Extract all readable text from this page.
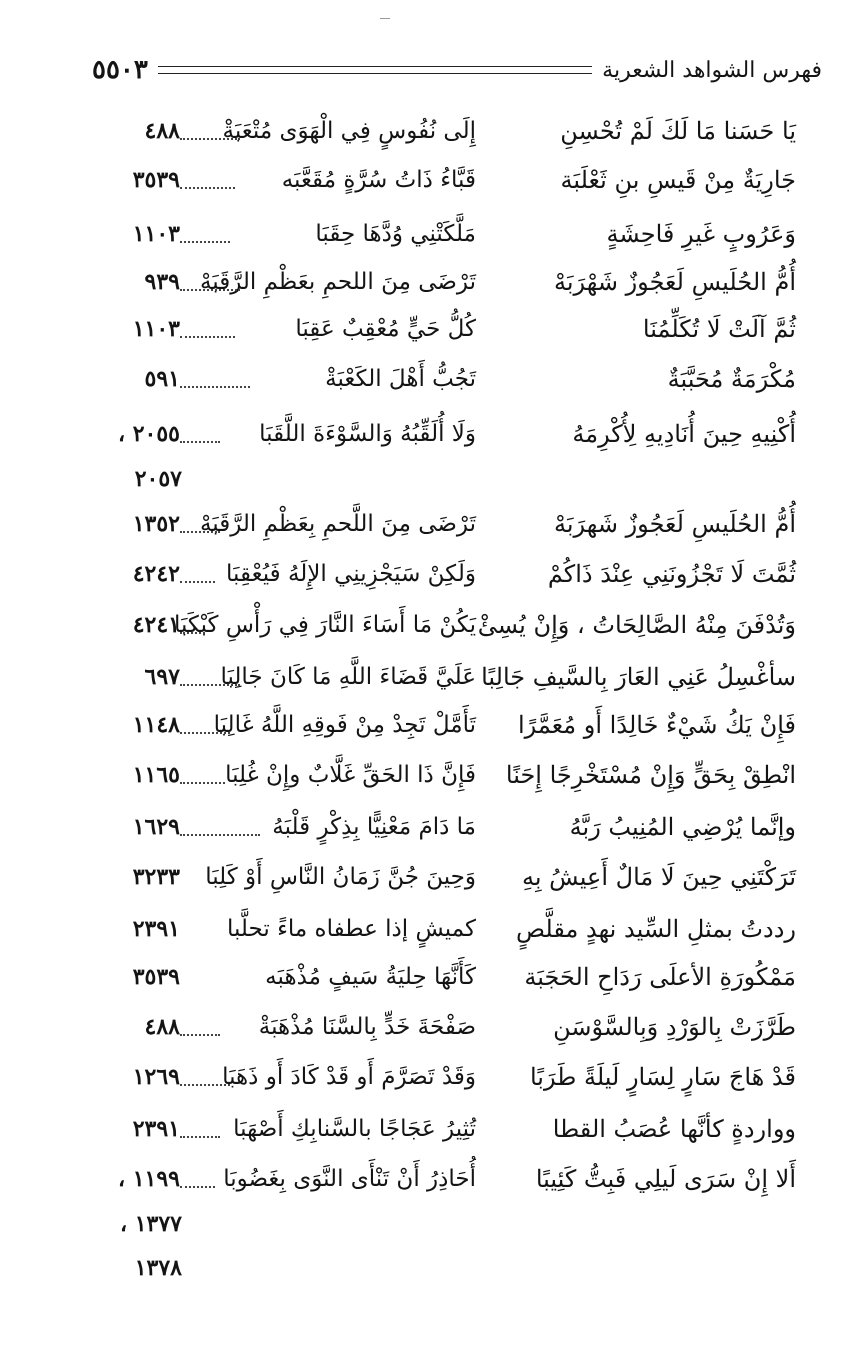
٥٥٠٣	فهرس الشواهد الشعرية
يَا حَسَنا مَا لَكَ لَمْ تُحْسِنِ
إِلَى نُفُوسٍ فِي الْهَوَى مُتْعَبَةْ
٤٨٨
جَارِيَةٌ مِنْ قَيسِ بنِ ثَعْلَبَة
قَبَّاءُ ذَاتُ سُرَّةٍ مُقَعَّبَه
٣٥٣٩
وَعَرُوبٍ غَيرِ فَاحِشَةٍ
مَلَّكَتْنِي وُدَّهَا حِقَبَا
١١٠٣
أُمُّ الحُلَيسِ لَعَجُوزٌ شَهْرَبَهْ
تَرْضَى مِنَ اللحمِ بعَظْمِ الرَّقَبَهْ
٩٣٩
ثُمَّ آلَتْ لَا تُكَلِّمُنَا
كُلُّ حَيٍّ مُعْقِبٌ عَقِبَا
١١٠٣
مُكْرَمَةٌ مُحَبَّبَةٌ
تَجُبُّ أَهْلَ الكَعْبَةْ
٥٩١
أُكْنِيهِ حِينَ أُنَادِيهِ لِأُكْرِمَهُ
وَلَا أُلَقِّبُهُ وَالسَّوْءَةَ اللَّقَبَا
٢٠٥٥ ،
٢٠٥٧
أُمُّ الحُلَيسِ لَعَجُوزٌ شَهرَبَهْ
تَرْضَى مِنَ اللَّحمِ بِعَظْمِ الرَّقَبَهْ
١٣٥٢
ثُمَّتَ لَا تَجْزُونَنِي عِنْدَ ذَاكُمْ
وَلَكِنْ سَيَجْزِينِي الإِلَهُ فَيُعْقِبَا
٤٢٤٢
وَتُدْفَنَ مِنْهُ الصَّالِحَاتُ ، وَإِنْ يُسِئْ
يَكُنْ مَا أَسَاءَ النَّارَ فِي رَأْسِ كَبْكَبَا
٤٢٤١
سأغْسِلُ عَنِي العَارَ بِالسَّيفِ جَالِبًا
عَلَيَّ قَضَاءَ اللَّهِ مَا كَانَ جَالِبَا
٦٩٧
فَإِنْ يَكُ شَيْءٌ خَالِدًا أَو مُعَمَّرًا
تَأَمَّلْ تَجِدْ مِنْ فَوقِهِ اللَّهُ غَالِبَا
١١٤٨
انْطِقْ بِحَقٍّ وَإِنْ مُسْتَخْرِجًا إِحَنًا
فَإِنَّ ذَا الحَقِّ غَلَّابٌ وإِنْ غُلِبَا
١١٦٥
وإنَّما يُرْضِي المُنِيبُ رَبَّهُ
مَا دَامَ مَعْنِيًّا بِذِكْرٍ قَلْبَهُ
١٦٢٩
تَرَكْتَنِي حِينَ لَا مَالٌ أَعِيشُ بِهِ
وَحِينَ جُنَّ زَمَانُ النَّاسِ أَوْ كَلِبَا
٣٢٣٣
رددتُ بمثلِ السِّيد نهدٍ مقلَّصٍ
كميشٍ إذا عطفاه ماءً تحلَّبا
٢٣٩١
مَمْكُورَةِ الأعلَى رَدَاحِ الحَجَبَة
كَأَنَّهَا حِليَةُ سَيفٍ مُذْهَبَه
٣٥٣٩
طَرَّزَتْ بِالوَرْدِ وَبِالسَّوْسَنِ
صَفْحَةَ خَدٍّ بِالسَّنَا مُذْهَبَةْ
٤٨٨
قَدْ هَاجَ سَارٍ لِسَارٍ لَيلَةً طَرَبًا
وَقَدْ تَصَرَّمَ أَو قَدْ كَادَ أَو ذَهَبَا
١٢٦٩
وواردةٍ كأنَّها عُصَبُ القطا
تُثِيرُ عَجَاجًا بالسَّنابِكِ أَصْهَبَا
٢٣٩١
أَلا إِنْ سَرَى لَيلِي فَبِتُّ كَئِيبًا
أُحَاذِرُ أَنْ تَنْأَى النَّوَى بِغَضُوبَا
١١٩٩ ،
١٣٧٧ ،
١٣٧٨
